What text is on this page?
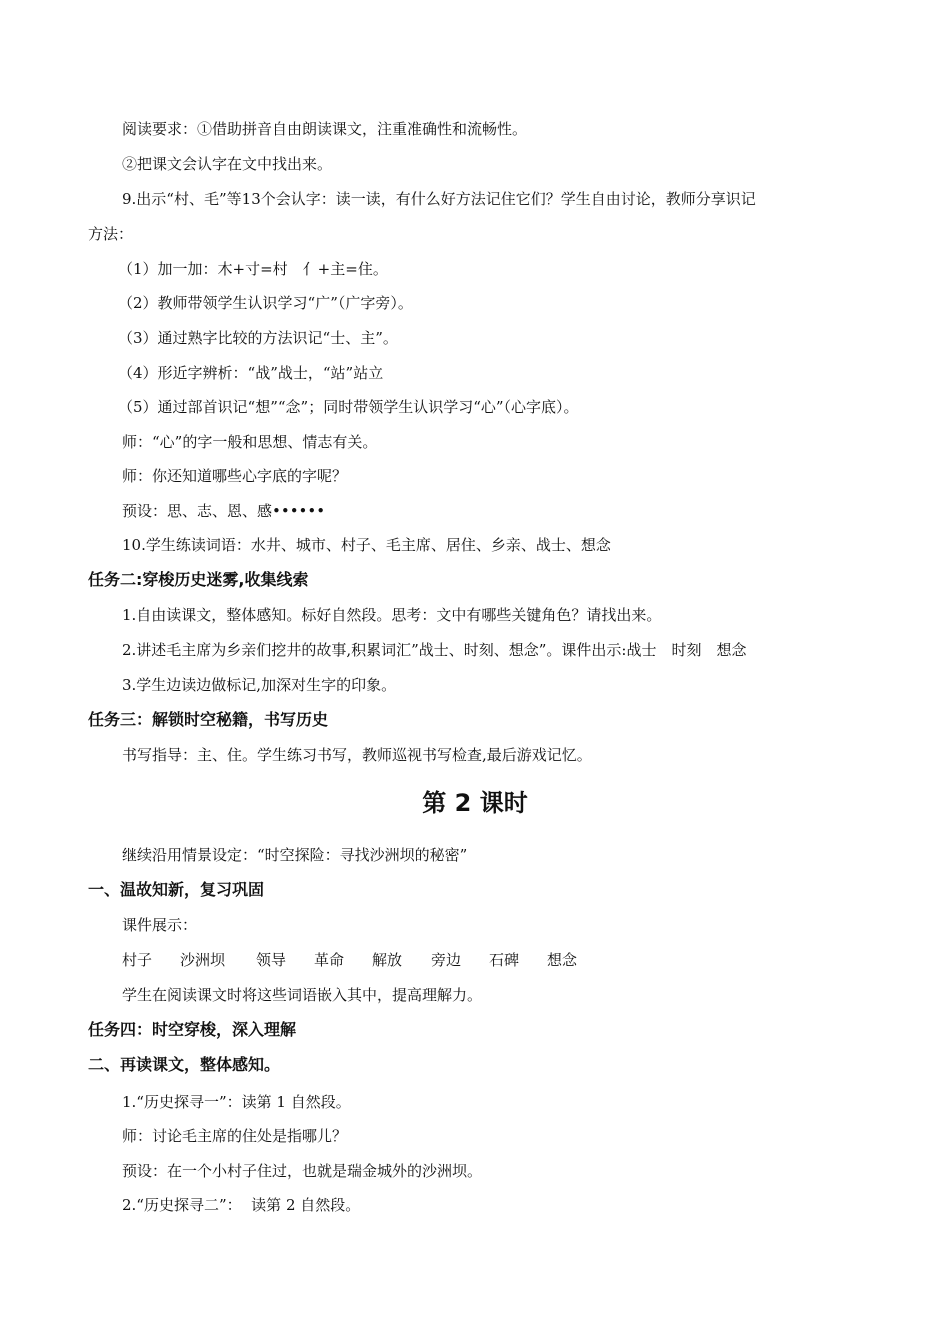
阅读要求：①借助拼音自由朗读课文，注重准确性和流畅性。
②把课文会认字在文中找出来。
9.出示“村、毛”等13个会认字：读一读，有什么好方法记住它们？学生自由讨论，教师分享识记
方法：
（1）加一加：木+寸=村　亻+主=住。
（2）教师带领学生认识学习“广”（广字旁）。
（3）通过熟字比较的方法识记“士、主”。
（4）形近字辨析：“战”战士，“站”站立
（5）通过部首识记“想”“念”；同时带领学生认识学习“心”（心字底）。
师：“心”的字一般和思想、情志有关。
师：你还知道哪些心字底的字呢？
预设：思、志、恩、感••••••
10.学生练读词语：水井、城市、村子、毛主席、居住、乡亲、战士、想念
任务二:穿梭历史迷雾,收集线索
1.自由读课文，整体感知。标好自然段。思考：文中有哪些关键角色？请找出来。
2.讲述毛主席为乡亲们挖井的故事,积累词汇”战士、时刻、想念”。课件出示:战士　时刻　想念
3.学生边读边做标记,加深对生字的印象。
任务三：解锁时空秘籍，书写历史
书写指导：主、住。学生练习书写，教师巡视书写检查,最后游戏记忆。
第 2 课时
继续沿用情景设定：“时空探险：寻找沙洲坝的秘密”
一、温故知新，复习巩固
课件展示：
村子	沙洲坝	领导	革命	解放	旁边	石碑	想念
学生在阅读课文时将这些词语嵌入其中，提高理解力。
任务四：时空穿梭，深入理解
二、再读课文，整体感知。
1.“历史探寻一”：读第 1 自然段。
师：讨论毛主席的住处是指哪儿？
预设：在一个小村子住过，也就是瑞金城外的沙洲坝。
2.“历史探寻二”：  读第 2 自然段。
